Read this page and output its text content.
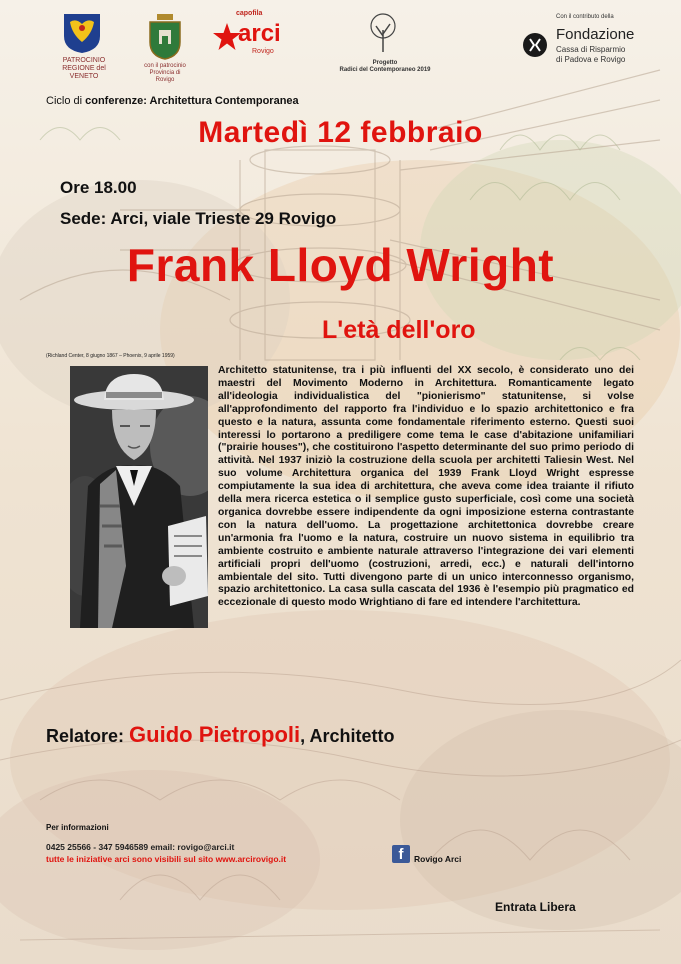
PATROCINIO
REGIONE del VENETO
con il patrocinio
Provincia di Rovigo
capofila
arci
Rovigo
Progetto
Radici del Contemporaneo 2019
Con il contributo della
Fondazione
Cassa di Risparmio
di Padova e Rovigo
Ciclo di conferenze: Architettura Contemporanea
Martedì 12 febbraio
Ore 18.00
Sede: Arci, viale Trieste 29 Rovigo
Frank Lloyd Wright
L'età dell'oro
(Richland Center, 8 giugno 1867 – Phoenix, 9 aprile 1959)
Architetto statunitense, tra i più influenti del XX secolo, è considerato uno dei maestri del Movimento Moderno in Architettura. Romanticamente legato all'ideologia individualistica del "pionierismo" statunitense, si volse all'approfondimento del rapporto fra l'individuo e lo spazio architettonico e fra questo e la natura, assunta come fondamentale riferimento esterno. Questi suoi interessi lo portarono a prediligere come tema le case d'abitazione unifamiliari ("prairie houses"), che costituirono l'aspetto determinante del suo primo periodo di attività. Nel 1937 iniziò la costruzione della scuola per architetti Taliesin West. Nel suo volume Architettura organica del 1939 Frank Lloyd Wright espresse compiutamente la sua idea di architettura, che aveva come idea traiante il rifiuto della mera ricerca estetica o il semplice gusto superficiale, così come una società organica dovrebbe essere indipendente da ogni imposizione esterna contrastante con la natura dell'uomo. La progettazione architettonica dovrebbe creare un'armonia fra l'uomo e la natura, costruire un nuovo sistema in equilibrio tra ambiente costruito e ambiente naturale attraverso l'integrazione dei vari elementi artificiali propri dell'uomo (costruzioni, arredi, ecc.) e naturali dell'intorno ambientale del sito. Tutti divengono parte di un unico interconnesso organismo, spazio architettonico. La casa sulla cascata del 1936 è l'esempio più pragmatico ed eccezionale di questo modo Wrightiano di fare ed intendere l'architettura.
Relatore: Guido Pietropoli, Architetto
Per informazioni
0425 25566 - 347 5946589 email: rovigo@arci.it
tutte le iniziative arci sono visibili sul sito www.arcirovigo.it	f	Rovigo Arci
Entrata Libera
